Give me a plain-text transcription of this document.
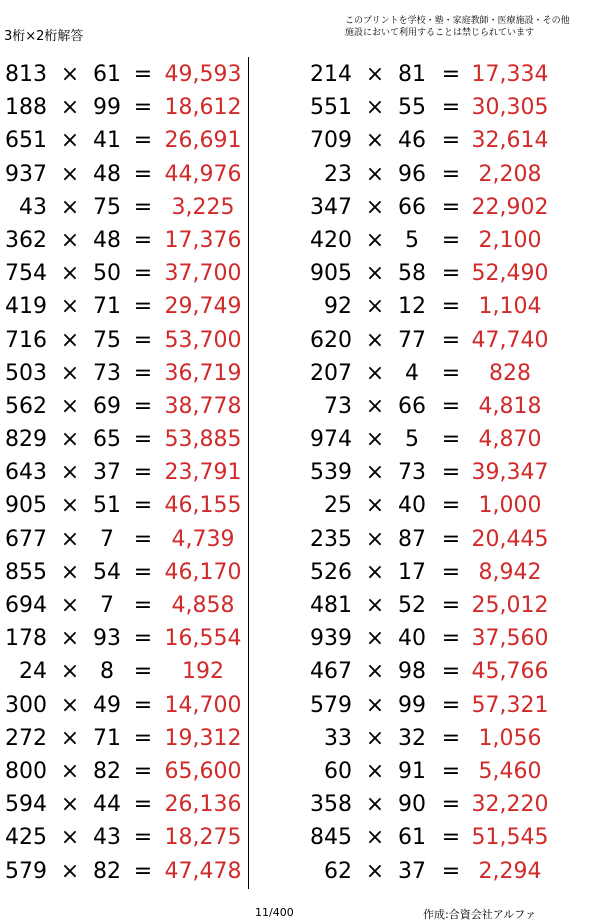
3桁×2桁解答
このプリントを学校・塾・家庭教師・医療施設・その他
施設において利用することは禁じられています
813 × 61 = 49,593
188 × 99 = 18,612
651 × 41 = 26,691
937 × 48 = 44,976
43 × 75 = 3,225
362 × 48 = 17,376
754 × 50 = 37,700
419 × 71 = 29,749
716 × 75 = 53,700
503 × 73 = 36,719
562 × 69 = 38,778
829 × 65 = 53,885
643 × 37 = 23,791
905 × 51 = 46,155
677 × 7 = 4,739
855 × 54 = 46,170
694 × 7 = 4,858
178 × 93 = 16,554
24 × 8 =	192
300 × 49 = 14,700
272 × 71 = 19,312
800 × 82 = 65,600
594 × 44 = 26,136
425 × 43 = 18,275
579 × 82 = 47,478
214 × 81 = 17,334
551 × 55 = 30,305
709 × 46 = 32,614
23 × 96 = 2,208
347 × 66 = 22,902
420 × 5	= 2,100
905 × 58 = 52,490
92 × 12 = 1,104
620 × 77 = 47,740
207 × 4	=	828
73 × 66 = 4,818
974 × 5	= 4,870
539 × 73 = 39,347
25 × 40 = 1,000
235 × 87 = 20,445
526 × 17 = 8,942
481 × 52 = 25,012
939 × 40 = 37,560
467 × 98 = 45,766
579 × 99 = 57,321
33 × 32 = 1,056
60 × 91 = 5,460
358 × 90 = 32,220
845 × 61 = 51,545
62 × 37 = 2,294
11/400	作成:合資会社アルファ
